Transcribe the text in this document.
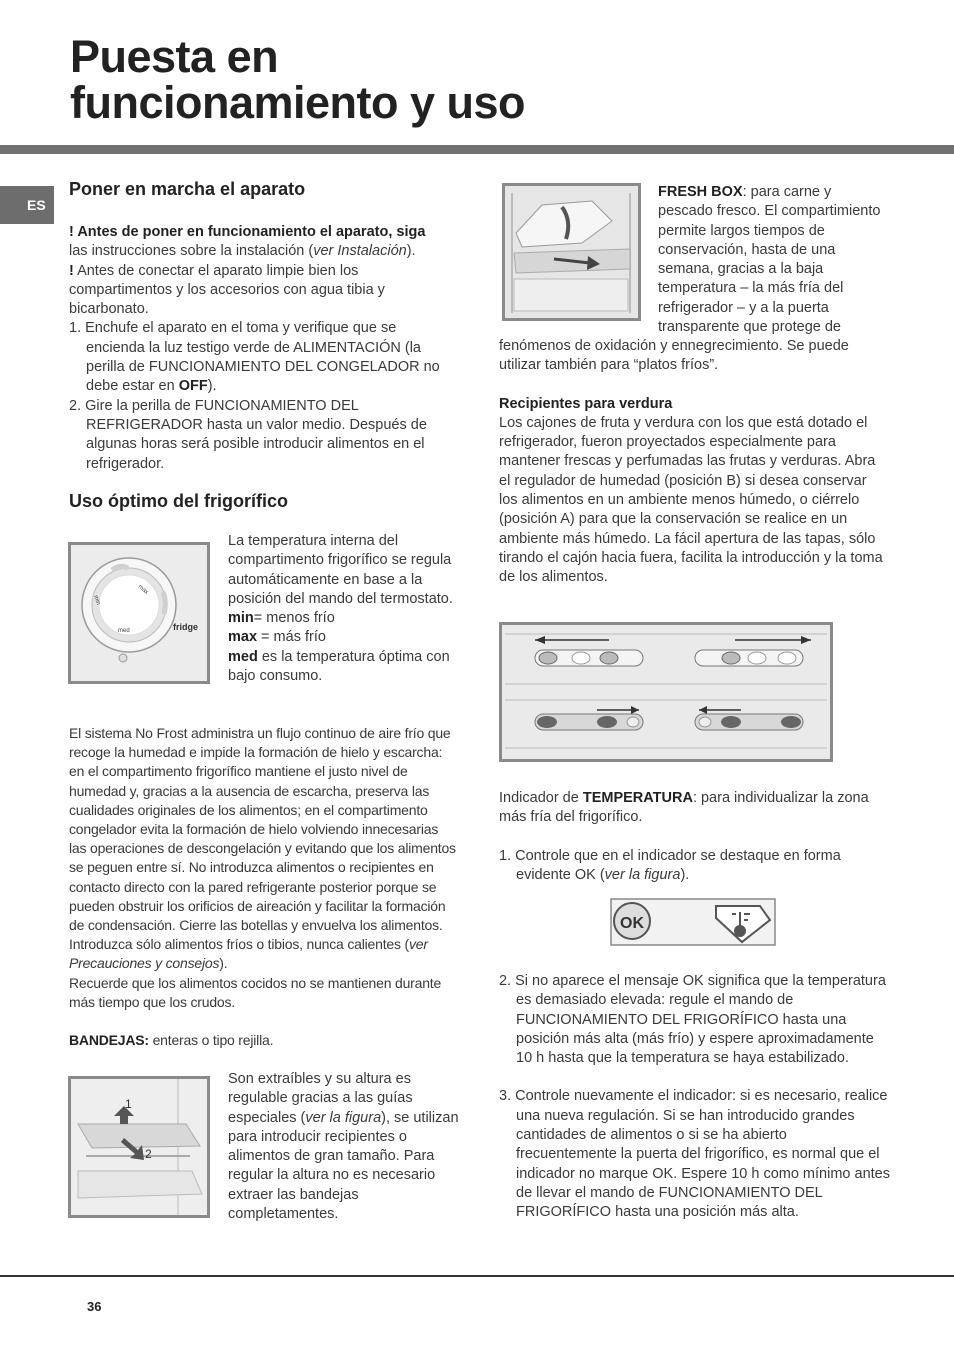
Puesta en
funcionamiento y uso
ES
Poner en marcha el aparato

! Antes de poner en funcionamiento el aparato, siga
las instrucciones sobre la instalación (ver Instalación).

! Antes de conectar el aparato limpie bien los compartimentos y los accesorios con agua tibia y bicarbonato.

1. Enchufe el aparato en el toma y verifique que se encienda la luz testigo verde de ALIMENTACIÓN (la perilla de FUNCIONAMIENTO DEL CONGELADOR no debe estar en OFF).
2. Gire la perilla de FUNCIONAMIENTO DEL REFRIGERADOR hasta un valor medio. Después de algunas horas será posible introducir alimentos en el refrigerador.
Uso óptimo del frigorífico
min
max
med	fridge

La temperatura interna del compartimento frigorífico se regula automáticamente en base a la posición del mando del termostato.

min= menos frío

max = más frío

med es la temperatura óptima con bajo consumo.

El sistema No Frost administra un flujo continuo de aire frío que recoge la humedad e impide la formación de hielo y escarcha: en el compartimento frigorífico mantiene el justo nivel de humedad y, gracias a la ausencia de escarcha, preserva las cualidades originales de los alimentos; en el compartimento congelador evita la formación de hielo volviendo innecesarias las operaciones de descongelación y evitando que los alimentos se peguen entre sí. No introduzca alimentos o recipientes en contacto directo con la pared refrigerante posterior porque se pueden obstruir los orificios de aireación y facilitar la formación de condensación. Cierre las botellas y envuelva los alimentos.

Introduzca sólo alimentos fríos o tibios, nunca calientes (ver Precauciones y consejos).

Recuerde que los alimentos cocidos no se mantienen durante más tiempo que los crudos.

BANDEJAS: enteras o tipo rejilla.

1
2

Son extraíbles y su altura es regulable gracias a las guías especiales (ver la figura), se utilizan para introducir recipientes o alimentos de gran tamaño. Para regular la altura no es necesario extraer las bandejas completamentes.

FRESH BOX: para carne y pescado fresco. El compartimiento permite largos tiempos de conservación, hasta de una semana, gracias a la baja temperatura – la más fría del refrigerador – y a la puerta transparente que protege de

fenómenos de oxidación y ennegrecimiento. Se puede utilizar también para “platos fríos”.

Recipientes para verdura

Los cajones de fruta y verdura con los que está dotado el refrigerador, fueron proyectados especialmente para mantener frescas y perfumadas las frutas y verduras. Abra el regulador de humedad (posición B) si desea conservar los alimentos en un ambiente menos húmedo, o ciérrelo (posición A) para que la conservación se realice en un ambiente más húmedo. La fácil apertura de las tapas, sólo tirando el cajón hacia fuera, facilita la introducción y la toma de los alimentos.

Indicador de TEMPERATURA: para individualizar la zona más fría del frigorífico.

1. Controle que en el indicador se destaque en forma evidente OK (ver la figura).
OK
2. Si no aparece el mensaje OK significa que la temperatura es demasiado elevada: regule el mando de FUNCIONAMIENTO DEL FRIGORÍFICO hasta una posición más alta (más frío) y espere aproximadamente 10 h hasta que la temperatura se haya estabilizado.
3. Controle nuevamente el indicador: si es necesario, realice una nueva regulación. Si se han introducido grandes cantidades de alimentos o si se ha abierto frecuentemente la puerta del frigorífico, es normal que el indicador no marque OK. Espere 10 h como mínimo antes de llevar el mando de FUNCIONAMIENTO DEL FRIGORÍFICO hasta una posición más alta.
36
